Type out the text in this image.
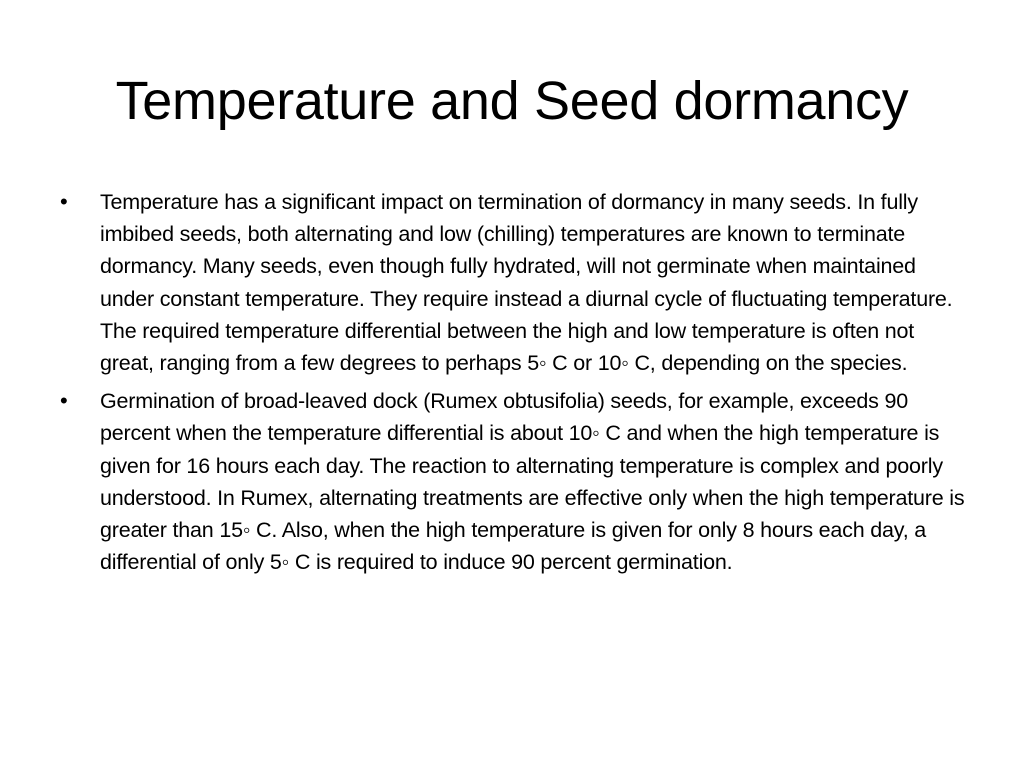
Temperature and Seed dormancy
•	Temperature has a significant impact on termination of dormancy in many seeds. In fully imbibed seeds, both alternating and low (chilling) temperatures are known to terminate dormancy. Many seeds, even though fully hydrated, will not germinate when maintained under constant temperature. They require instead a diurnal cycle of fluctuating temperature. The required temperature differential between the high and low temperature is often not great, ranging from a few degrees to perhaps 5◦ C or 10◦ C, depending on the species.
•	Germination of broad-leaved dock (Rumex obtusifolia) seeds, for example, exceeds 90 percent when the temperature differential is about 10◦ C and when the high temperature is given for 16 hours each day. The reaction to alternating temperature is complex and poorly understood. In Rumex, alternating treatments are effective only when the high temperature is greater than 15◦ C. Also, when the high temperature is given for only 8 hours each day, a differential of only 5◦ C is required to induce 90 percent germination.
